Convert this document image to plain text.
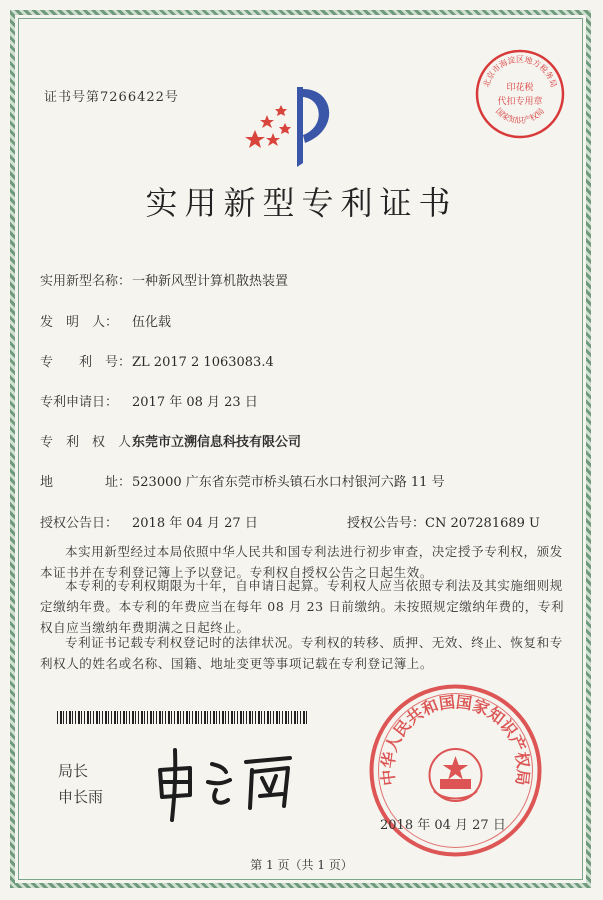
证书号第7266422号
实用新型专利证书
北京市海淀区地方税务局
印花税
代扣专用章
国家知识产权局
实用新型名称：一种新风型计算机散热装置
发　明　人： 伍化载
专　　利　号：ZL 2017 2 1063083.4
专利申请日： 2017 年 08 月 23 日
专　利　权　人：东莞市立溯信息科技有限公司
地　　　　址：523000 广东省东莞市桥头镇石水口村银河六路 11 号
授权公告日： 2018 年 04 月 27 日	授权公告号：CN 207281689 U
本实用新型经过本局依照中华人民共和国专利法进行初步审查，决定授予专利权，颁发本证书并在专利登记簿上予以登记。专利权自授权公告之日起生效。
本专利的专利权期限为十年，自申请日起算。专利权人应当依照专利法及其实施细则规定缴纳年费。本专利的年费应当在每年 08 月 23 日前缴纳。未按照规定缴纳年费的，专利权自应当缴纳年费期满之日起终止。
专利证书记载专利权登记时的法律状况。专利权的转移、质押、无效、终止、恢复和专利权人的姓名或名称、国籍、地址变更等事项记载在专利登记簿上。
局长
申长雨
中华人民共和国国家知识产权局
2018 年 04 月 27 日
第 1 页（共 1 页）
